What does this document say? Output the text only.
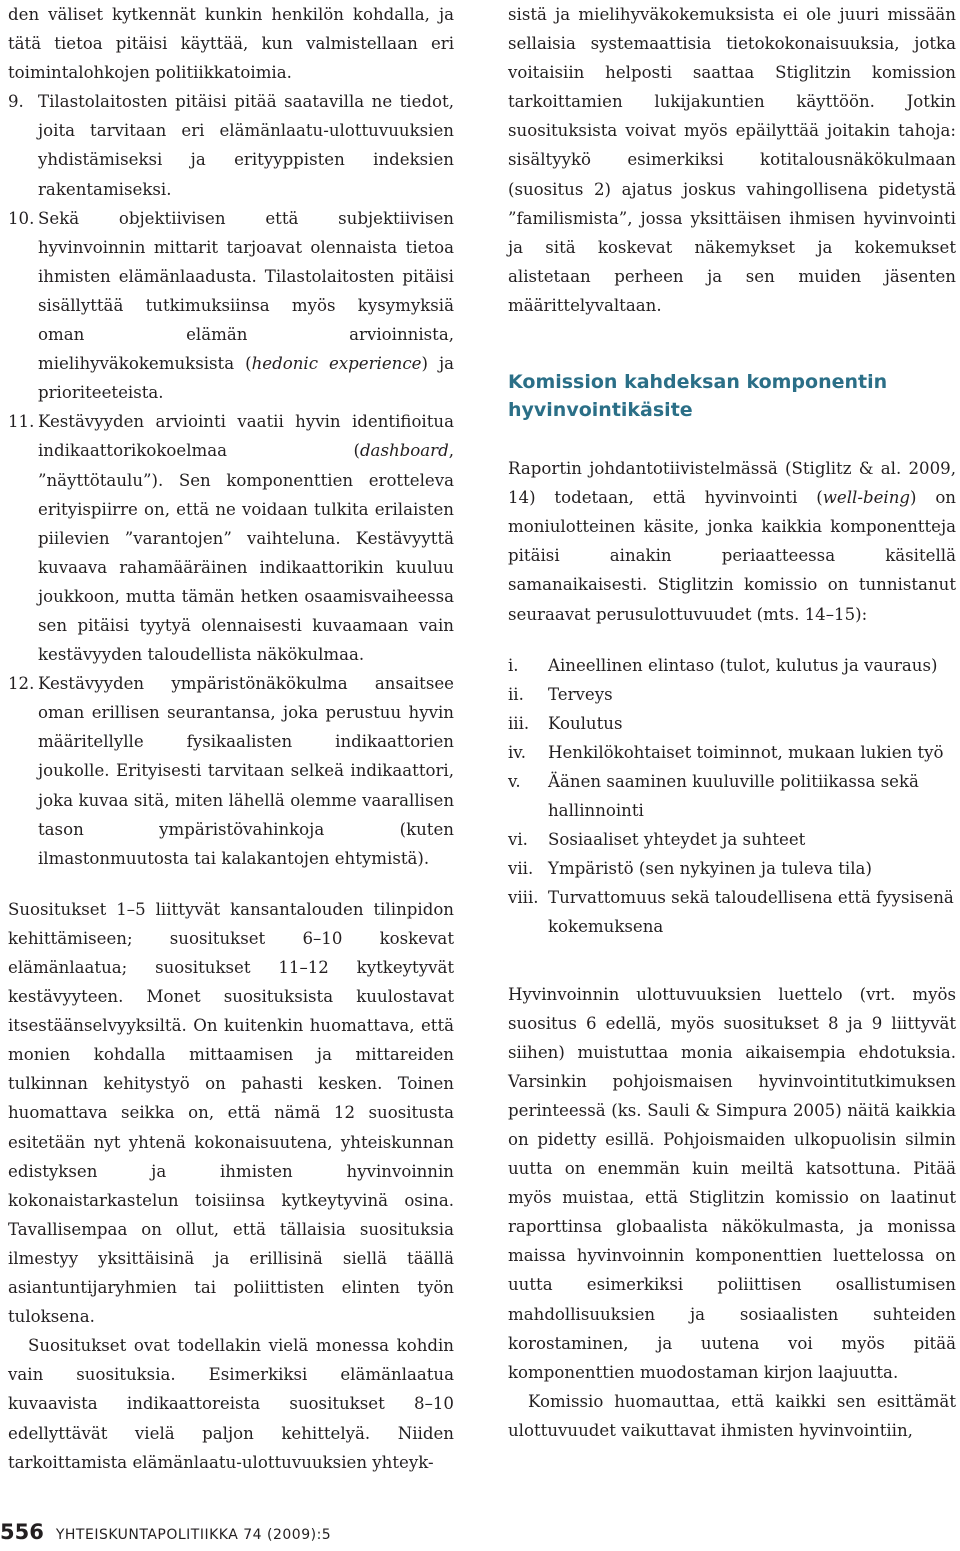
den väliset kytkennät kunkin henkilön kohdalla, ja tätä tietoa pitäisi käyttää, kun valmistellaan eri toimintalohkojen politiikkatoimia.

9. Tilastolaitosten pitäisi pitää saatavilla ne tiedot, joita tarvitaan eri elämänlaatu-ulottuvuuksien yhdistämiseksi ja erityyppisten indeksien rakentamiseksi.
10. Sekä objektiivisen että subjektiivisen hyvinvoinnin mittarit tarjoavat olennaista tietoa ihmisten elämänlaadusta. Tilastolaitosten pitäisi sisällyttää tutkimuksiinsa myös kysymyksiä oman elämän arvioinnista, mielihyväkokemuksista (hedonic experience) ja prioriteeteista.
11. Kestävyyden arviointi vaatii hyvin identifioitua indikaattorikokoelmaa (dashboard, ”näyttötaulu”). Sen komponenttien erotteleva erityispiirre on, että ne voidaan tulkita erilaisten piilevien ”varantojen” vaihteluna. Kestävyyttä kuvaava rahamääräinen indikaattorikin kuuluu joukkoon, mutta tämän hetken osaamisvaiheessa sen pitäisi tyytyä olennaisesti kuvaamaan vain kestävyyden taloudellista näkökulmaa.
12. Kestävyyden ympäristönäkökulma ansaitsee oman erillisen seurantansa, joka perustuu hyvin määritellylle fysikaalisten indikaattorien joukolle. Erityisesti tarvitaan selkeä indikaattori, joka kuvaa sitä, miten lähellä olemme vaarallisen tason ympäristövahinkoja (kuten ilmastonmuutosta tai kalakantojen ehtymistä).

Suositukset 1–5 liittyvät kansantalouden tilinpidon kehittämiseen; suositukset 6–10 koskevat elämänlaatua; suositukset 11–12 kytkeytyvät kestävyyteen. Monet suosituksista kuulostavat itsestäänselvyyksiltä. On kuitenkin huomattava, että monien kohdalla mittaamisen ja mittareiden tulkinnan kehitystyö on pahasti kesken. Toinen huomattava seikka on, että nämä 12 suositusta esitetään nyt yhtenä kokonaisuutena, yhteiskunnan edistyksen ja ihmisten hyvinvoinnin kokonaistarkastelun toisiinsa kytkeytyvinä osina. Tavallisempaa on ollut, että tällaisia suosituksia ilmestyy yksittäisinä ja erillisinä siellä täällä asiantuntijaryhmien tai poliittisten elinten työn tuloksena.

Suositukset ovat todellakin vielä monessa kohdin vain suosituksia. Esimerkiksi elämänlaatua kuvaavista indikaattoreista suositukset 8–10 edellyttävät vielä paljon kehittelyä. Niiden tarkoittamista elämänlaatu-ulottuvuuksien yhteyk-

sistä ja mielihyväkokemuksista ei ole juuri missään sellaisia systemaattisia tietokokonaisuuksia, jotka voitaisiin helposti saattaa Stiglitzin komission tarkoittamien lukijakuntien käyttöön. Jotkin suosituksista voivat myös epäilyttää joitakin tahoja: sisältyykö esimerkiksi kotitalousnäkökulmaan (suositus 2) ajatus joskus vahingollisena pidetystä ”familismista”, jossa yksittäisen ihmisen hyvinvointi ja sitä koskevat näkemykset ja kokemukset alistetaan perheen ja sen muiden jäsenten määrittelyvaltaan.

Komission kahdeksan komponentin hyvinvointikäsite

Raportin johdantotiivistelmässä (Stiglitz & al. 2009, 14) todetaan, että hyvinvointi (well-being) on moniulotteinen käsite, jonka kaikkia komponentteja pitäisi ainakin periaatteessa käsitellä samanaikaisesti. Stiglitzin komissio on tunnistanut seuraavat perusulottuvuudet (mts. 14–15):

i. Aineellinen elintaso (tulot, kulutus ja vauraus)
ii. Terveys
iii. Koulutus
iv. Henkilökohtaiset toiminnot, mukaan lukien työ
v. Äänen saaminen kuuluville politiikassa sekä hallinnointi
vi. Sosiaaliset yhteydet ja suhteet
vii. Ympäristö (sen nykyinen ja tuleva tila)
viii. Turvattomuus sekä taloudellisena että fyysisenä kokemuksena

Hyvinvoinnin ulottuvuuksien luettelo (vrt. myös suositus 6 edellä, myös suositukset 8 ja 9 liittyvät siihen) muistuttaa monia aikaisempia ehdotuksia. Varsinkin pohjoismaisen hyvinvointitutkimuksen perinteessä (ks. Sauli & Simpura 2005) näitä kaikkia on pidetty esillä. Pohjoismaiden ulkopuolisin silmin uutta on enemmän kuin meiltä katsottuna. Pitää myös muistaa, että Stiglitzin komissio on laatinut raporttinsa globaalista näkökulmasta, ja monissa maissa hyvinvoinnin komponenttien luettelossa on uutta esimerkiksi poliittisen osallistumisen mahdollisuuksien ja sosiaalisten suhteiden korostaminen, ja uutena voi myös pitää komponenttien muodostaman kirjon laajuutta.

Komissio huomauttaa, että kaikki sen esittämät ulottuvuudet vaikuttavat ihmisten hyvinvointiin,

556 YHTEISKUNTAPOLITIIKKA 74 (2009):5
